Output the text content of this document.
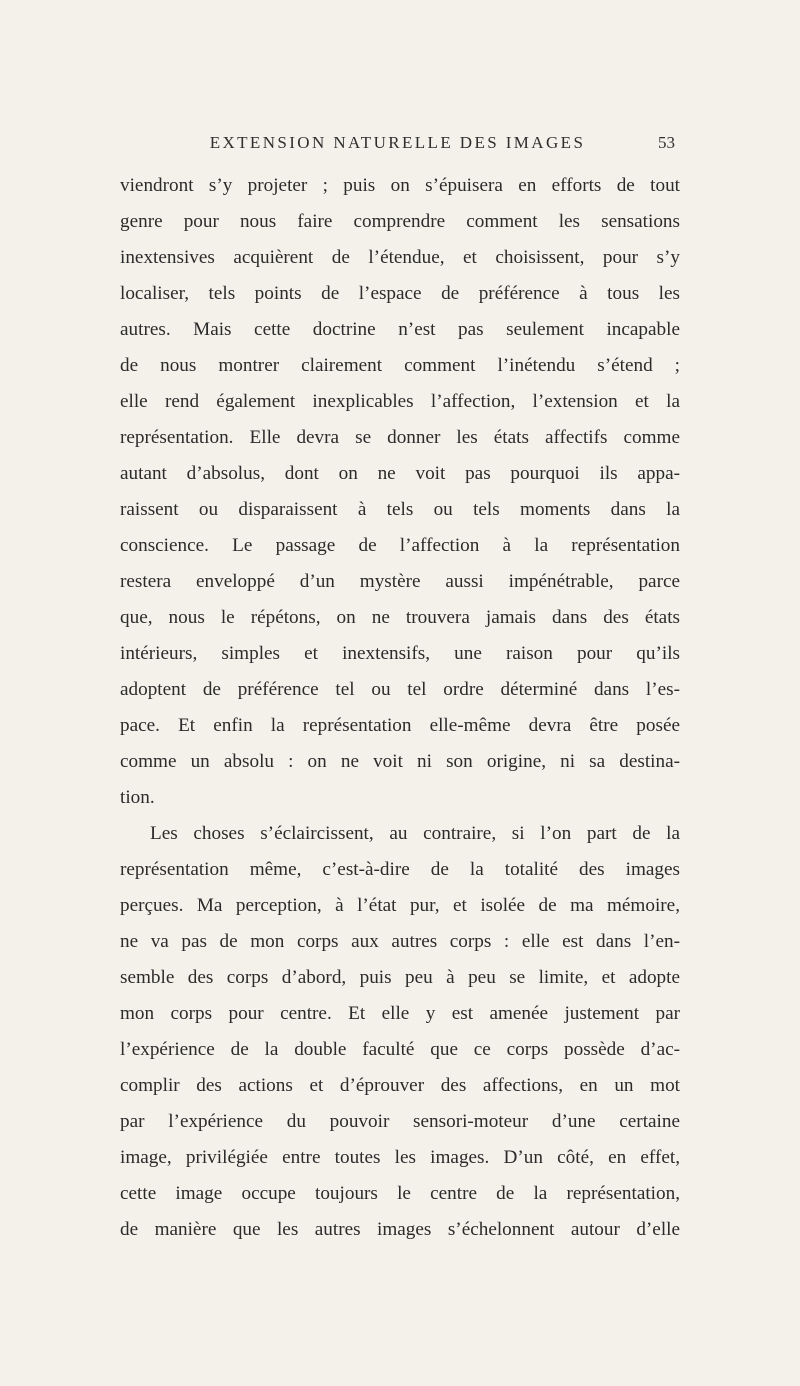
EXTENSION NATURELLE DES IMAGES	53
viendront s’y projeter ; puis on s’épuisera en efforts de tout
genre pour nous faire comprendre comment les sensations
inextensives acquièrent de l’étendue, et choisissent, pour s’y
localiser, tels points de l’espace de préférence à tous les
autres. Mais cette doctrine n’est pas seulement incapable
de nous montrer clairement comment l’inétendu s’étend ;
elle rend également inexplicables l’affection, l’extension et la
représentation. Elle devra se donner les états affectifs comme
autant d’absolus, dont on ne voit pas pourquoi ils appa-
raissent ou disparaissent à tels ou tels moments dans la
conscience. Le passage de l’affection à la représentation
restera enveloppé d’un mystère aussi impénétrable, parce
que, nous le répétons, on ne trouvera jamais dans des états
intérieurs, simples et inextensifs, une raison pour qu’ils
adoptent de préférence tel ou tel ordre déterminé dans l’es-
pace. Et enfin la représentation elle-même devra être posée
comme un absolu : on ne voit ni son origine, ni sa destina-
tion.
Les choses s’éclaircissent, au contraire, si l’on part de la
représentation même, c’est-à-dire de la totalité des images
perçues. Ma perception, à l’état pur, et isolée de ma mémoire,
ne va pas de mon corps aux autres corps : elle est dans l’en-
semble des corps d’abord, puis peu à peu se limite, et adopte
mon corps pour centre. Et elle y est amenée justement par
l’expérience de la double faculté que ce corps possède d’ac-
complir des actions et d’éprouver des affections, en un mot
par l’expérience du pouvoir sensori-moteur d’une certaine
image, privilégiée entre toutes les images. D’un côté, en effet,
cette image occupe toujours le centre de la représentation,
de manière que les autres images s’échelonnent autour d’elle
